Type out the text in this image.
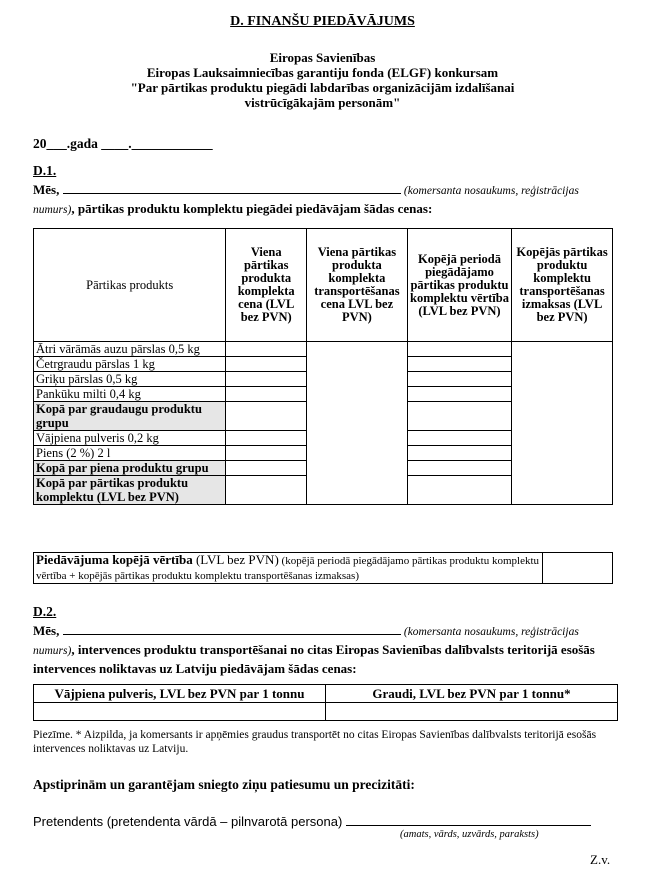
D. FINANŠU PIEDĀVĀJUMS
Eiropas Savienības
Eiropas Lauksaimniecības garantiju fonda (ELGF) konkursam
"Par pārtikas produktu piegādi labdarības organizācijām izdalīšanai
vistrūcīgākajām personām"
20___.gada ____.____________
D.1.
Mēs,	(komersanta nosaukums, reģistrācijas
numurs), pārtikas produktu komplektu piegādei piedāvājam šādas cenas:
Pārtikas produkts	Viena pārtikas produkta komplekta cena (LVL bez PVN)	Viena pārtikas produkta komplekta transportēšanas cena LVL bez PVN)	Kopējā periodā piegādājamo pārtikas produktu komplektu vērtība (LVL bez PVN)	Kopējās pārtikas produktu komplektu transportēšanas izmaksas (LVL bez PVN)
Ātri vārāmās auzu pārslas 0,5 kg				
Četrgraudu pārslas 1 kg				
Griķu pārslas 0,5 kg				
Pankūku milti 0,4 kg				
Kopā par graudaugu produktu grupu				
Vājpiena pulveris 0,2 kg				
Piens (2 %) 2 l				
Kopā par piena produktu grupu				
Kopā par pārtikas produktu komplektu (LVL bez PVN)				
Piedāvājuma kopējā vērtība (LVL bez PVN) (kopējā periodā piegādājamo pārtikas produktu komplektu vērtība + kopējās pārtikas produktu komplektu transportēšanas izmaksas)	
D.2.
Mēs,	(komersanta nosaukums, reģistrācijas
numurs), intervences produktu transportēšanai no citas Eiropas Savienības dalībvalsts teritorijā esošās intervences noliktavas uz Latviju piedāvājam šādas cenas:
Vājpiena pulveris, LVL bez PVN par 1 tonnu	Graudi, LVL bez PVN par 1 tonnu*

Piezīme. * Aizpilda, ja komersants ir apņēmies graudus transportēt no citas Eiropas Savienības dalībvalsts teritorijā esošās intervences noliktavas uz Latviju.
Apstiprinām un garantējam sniegto ziņu patiesumu un precizitāti:
Pretendents (pretendenta vārdā – pilnvarotā persona)
(amats, vārds, uzvārds, paraksts)
Z.v.
